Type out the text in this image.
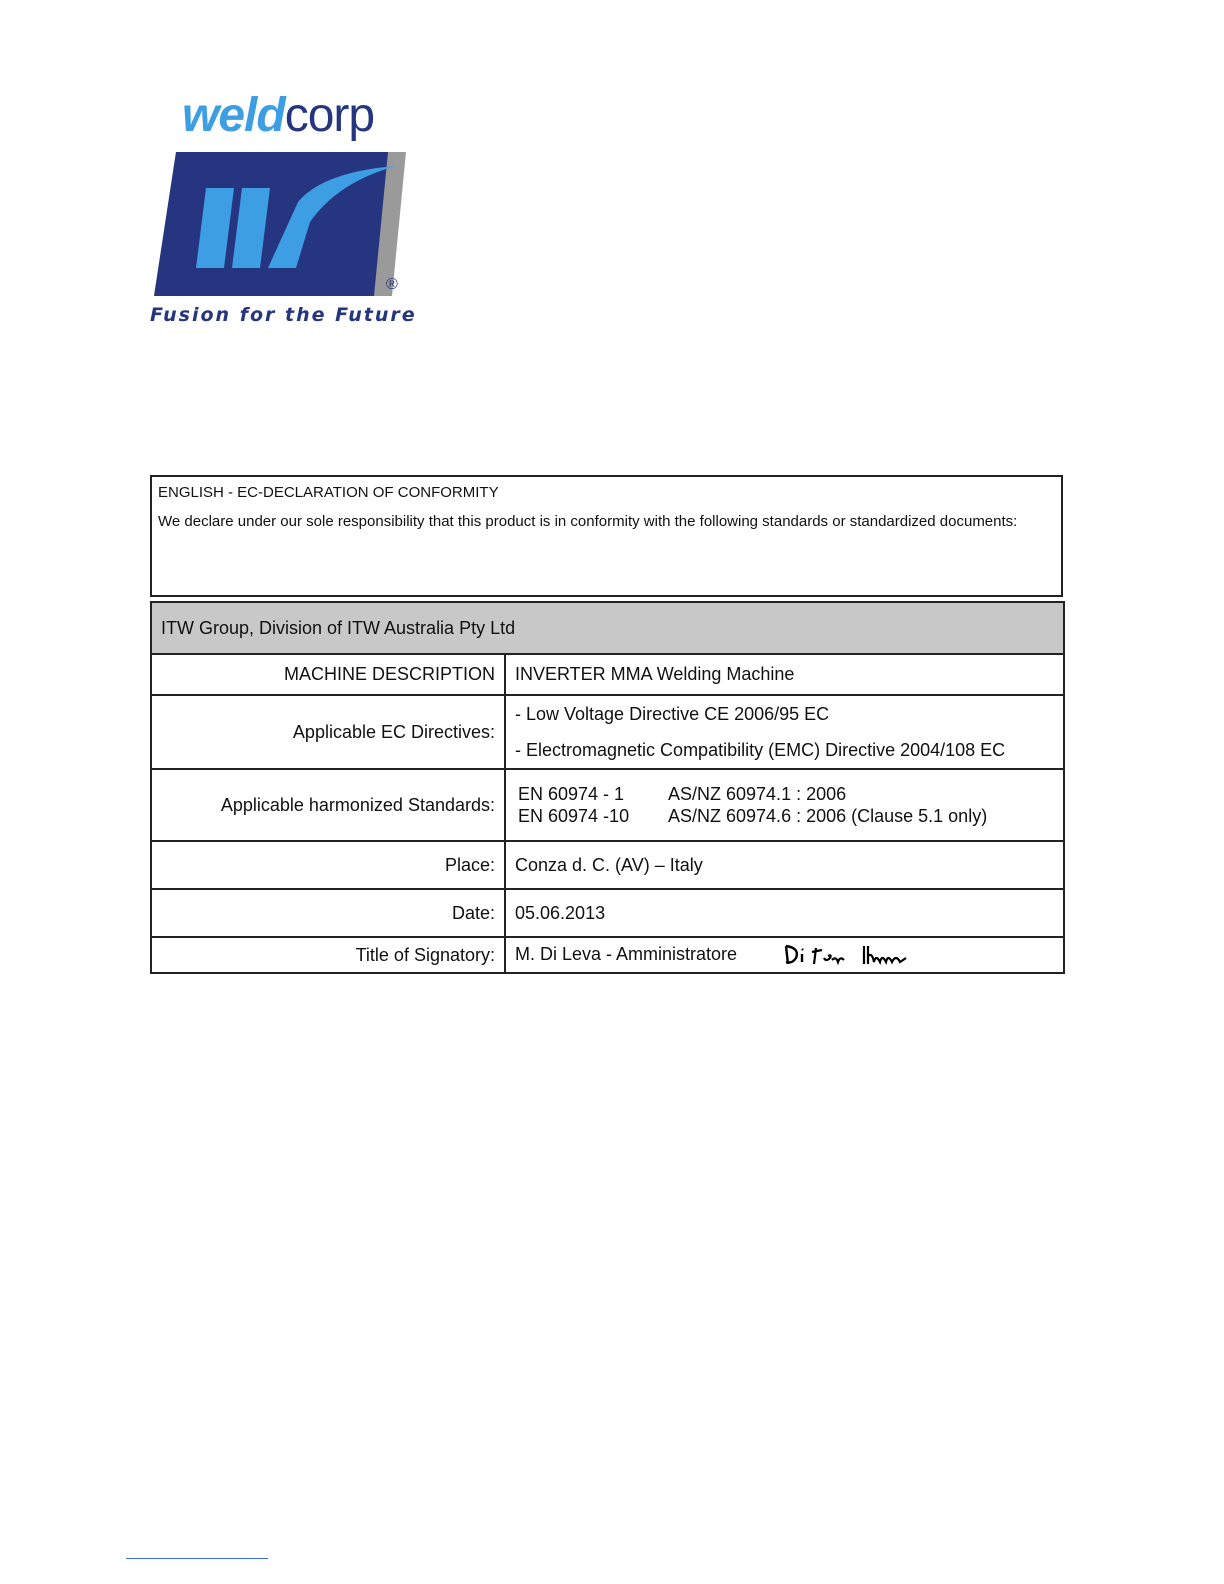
weldcorp
®
Fusion for the Future
ENGLISH - EC-DECLARATION OF CONFORMITY
We declare under our sole responsibility that this product is in conformity with the following standards or standardized documents:
ITW Group, Division of ITW Australia Pty Ltd	
MACHINE DESCRIPTION	INVERTER MMA Welding Machine
Applicable EC Directives:	- Low Voltage Directive CE 2006/95 EC
- Electromagnetic Compatibility (EMC) Directive 2004/108 EC

Applicable harmonized Standards:	EN 60974 - 1 AS/NZ 60974.1 : 2006
EN 60974 -10 AS/NZ 60974.6 : 2006 (Clause 5.1 only)

Place:	Conza d. C. (AV) – Italy
Date:	05.06.2013
Title of Signatory:	M. Di Leva - Amministratore
